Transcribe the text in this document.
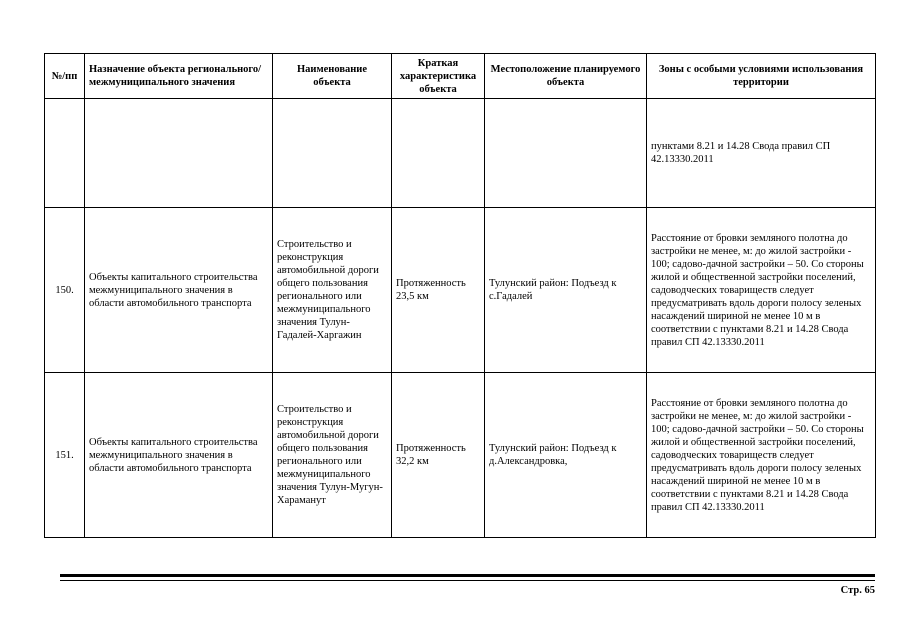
№/пп	Назначение объекта регионального/ межмуниципального значения	Наименование объекта	Краткая характеристика объекта	Местоположение планируемого объекта	Зоны с особыми условиями использования территории
					пунктами 8.21 и 14.28 Свода правил СП 42.13330.2011
150.	Объекты капитального строительства межмуниципального значения в области автомобильного транспорта	Строительство и реконструкция автомобильной дороги общего пользования регионального или межмуниципального значения Тулун-Гадалей-Харгажин	Протяженность 23,5 км	Тулунский район: Подъезд к с.Гадалей	Расстояние от бровки земляного полотна до застройки не менее, м: до жилой застройки - 100; садово-дачной застройки – 50. Со стороны жилой и общественной застройки поселений, садоводческих товариществ следует предусматривать вдоль дороги полосу зеленых насаждений шириной не менее 10 м в соответствии с пунктами 8.21 и 14.28 Свода правил СП 42.13330.2011
151.	Объекты капитального строительства межмуниципального значения в области автомобильного транспорта	Строительство и реконструкция автомобильной дороги общего пользования регионального или межмуниципального значения Тулун-Мугун-Хараманут	Протяженность 32,2 км	Тулунский район: Подъезд к д.Александровка,	Расстояние от бровки земляного полотна до застройки не менее, м: до жилой застройки - 100; садово-дачной застройки – 50. Со стороны жилой и общественной застройки поселений, садоводческих товариществ следует предусматривать вдоль дороги полосу зеленых насаждений шириной не менее 10 м в соответствии с пунктами 8.21 и 14.28 Свода правил СП 42.13330.2011
Стр. 65
